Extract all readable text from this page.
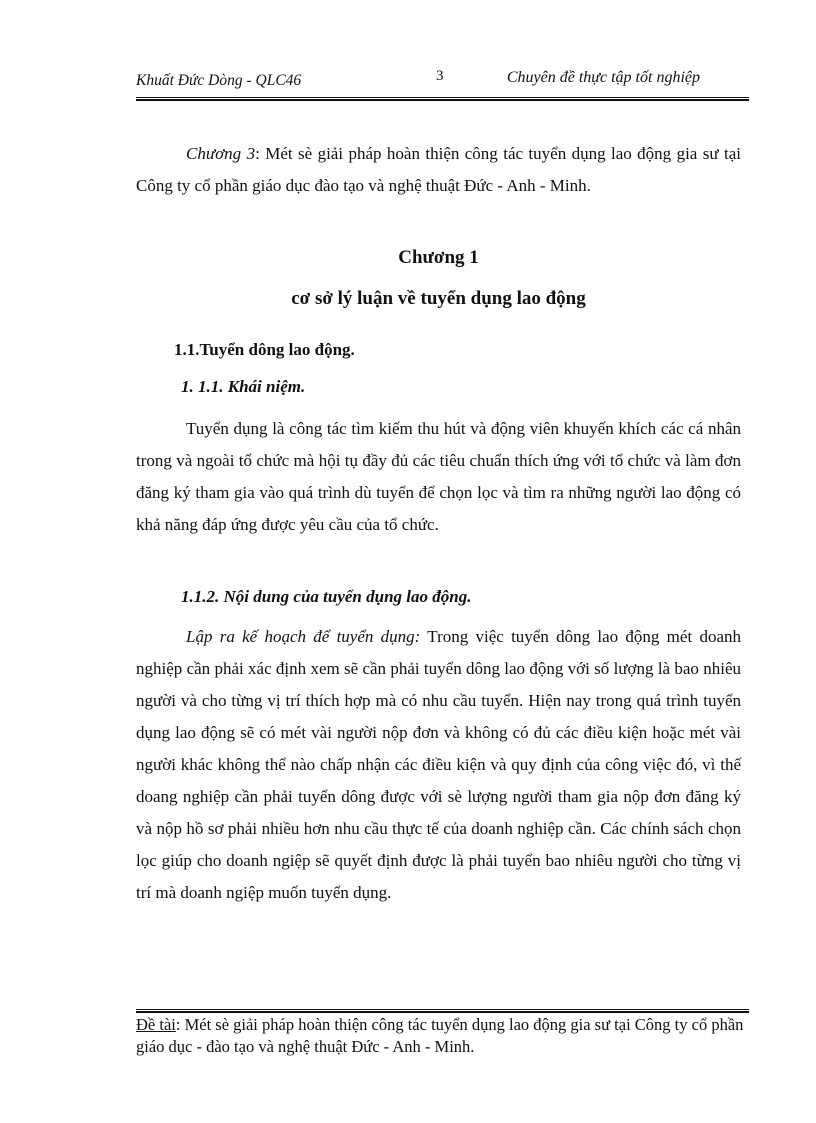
Khuất Đức Dòng - QLC46	3	Chuyên đề thực tập tốt nghiệp

Chương 3: Mét sè giải pháp hoàn thiện công tác tuyển dụng lao động gia sư tại Công ty cổ phần giáo dục đào tạo và nghệ thuật Đức - Anh - Minh.

Chương 1
cơ sở lý luận về tuyển dụng lao động
1.1.Tuyển dông lao động.
1. 1.1. Khái niệm.

Tuyển dụng là công tác tìm kiếm thu hút và động viên khuyến khích các cá nhân trong và ngoài tổ chức mà hội tụ đầy đủ các tiêu chuẩn thích ứng với tổ chức và làm đơn đăng ký tham gia vào quá trình dù tuyển để chọn lọc và tìm ra những người lao động có khả năng đáp ứng được yêu cầu của tổ chức.

1.1.2. Nội dung của tuyển dụng lao động.

Lập ra kế hoạch để tuyển dụng: Trong việc tuyển dông lao động mét doanh nghiệp cần phải xác định xem sẽ cần phải tuyển dông lao động với số lượng là bao nhiêu người và cho từng vị trí thích hợp mà có nhu cầu tuyển. Hiện nay trong quá trình tuyển dụng lao động sẽ có mét vài người nộp đơn và không có đủ các điều kiện hoặc mét vài người khác không thể nào chấp nhận các điều kiện và quy định của công việc đó, vì thế doang nghiệp cần phải tuyển dông được với sè lượng người tham gia nộp đơn đăng ký và nộp hồ sơ phải nhiều hơn nhu cầu thực tế của doanh nghiệp cần. Các chính sách chọn lọc giúp cho doanh ngiệp sẽ quyết định được là phải tuyển bao nhiêu người cho từng vị trí mà doanh ngiệp muốn tuyển dụng.

Đề tài: Mét sè giải pháp hoàn thiện công tác tuyển dụng lao động gia sư tại Công ty cổ phần giáo dục - đào tạo và nghệ thuật Đức - Anh - Minh.
